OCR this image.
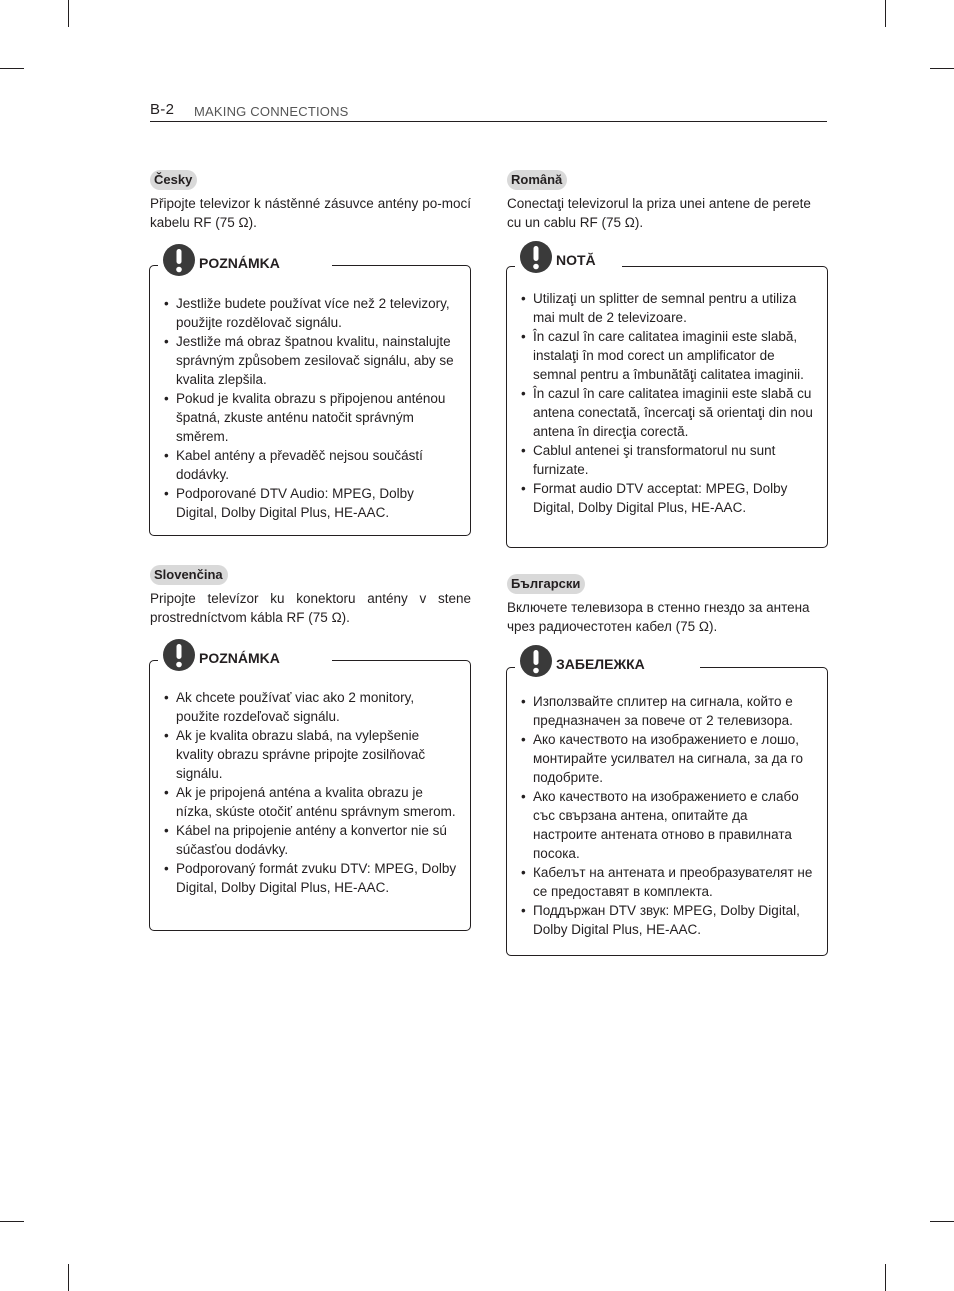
B-2 MAKING CONNECTIONS
Česky
Připojte televizor k nástěnné zásuvce antény po-mocí kabelu RF (75 Ω).
POZNÁMKA
• Jestliže budete používat více než 2 televizory, použijte rozdělovač signálu.
• Jestliže má obraz špatnou kvalitu, nainstalujte správným způsobem zesilovač signálu, aby se kvalita zlepšila.
• Pokud je kvalita obrazu s připojenou anténou špatná, zkuste anténu natočit správným směrem.
• Kabel antény a převaděč nejsou součástí dodávky.
• Podporované DTV Audio: MPEG, Dolby Digital, Dolby Digital Plus, HE-AAC.
Slovenčina
Pripojte televízor ku konektoru antény v stene prostredníctvom kábla RF (75 Ω).
POZNÁMKA
• Ak chcete používať viac ako 2 monitory, použite rozdeľovač signálu.
• Ak je kvalita obrazu slabá, na vylepšenie kvality obrazu správne pripojte zosilňovač signálu.
• Ak je pripojená anténa a kvalita obrazu je nízka, skúste otočiť anténu správnym smerom.
• Kábel na pripojenie antény a konvertor nie sú súčasťou dodávky.
• Podporovaný formát zvuku DTV: MPEG, Dolby Digital, Dolby Digital Plus, HE-AAC.
Română
Conectaţi televizorul la priza unei antene de perete cu un cablu RF (75 Ω).
NOTĂ
• Utilizaţi un splitter de semnal pentru a utiliza mai mult de 2 televizoare.
• În cazul în care calitatea imaginii este slabă, instalaţi în mod corect un amplificator de semnal pentru a îmbunătăţi calitatea imaginii.
• În cazul în care calitatea imaginii este slabă cu antena conectată, încercaţi să orientaţi din nou antena în direcţia corectă.
• Cablul antenei şi transformatorul nu sunt furnizate.
• Format audio DTV acceptat: MPEG, Dolby Digital, Dolby Digital Plus, HE-AAC.
Български
Включете телевизора в стенно гнездо за антена чрез радиочестотен кабел (75 Ω).
ЗАБЕЛЕЖКА
• Използвайте сплитер на сигнала, който е предназначен за повече от 2 телевизора.
• Ако качеството на изображението е лошо, монтирайте усилвател на сигнала, за да го подобрите.
• Ако качеството на изображението е слабо със свързана антена, опитайте да настроите антената отново в правилната посока.
• Кабелът на антената и преобразувателят не се предоставят в комплекта.
• Поддържан DTV звук: MPEG, Dolby Digital, Dolby Digital Plus, HE-AAC.
